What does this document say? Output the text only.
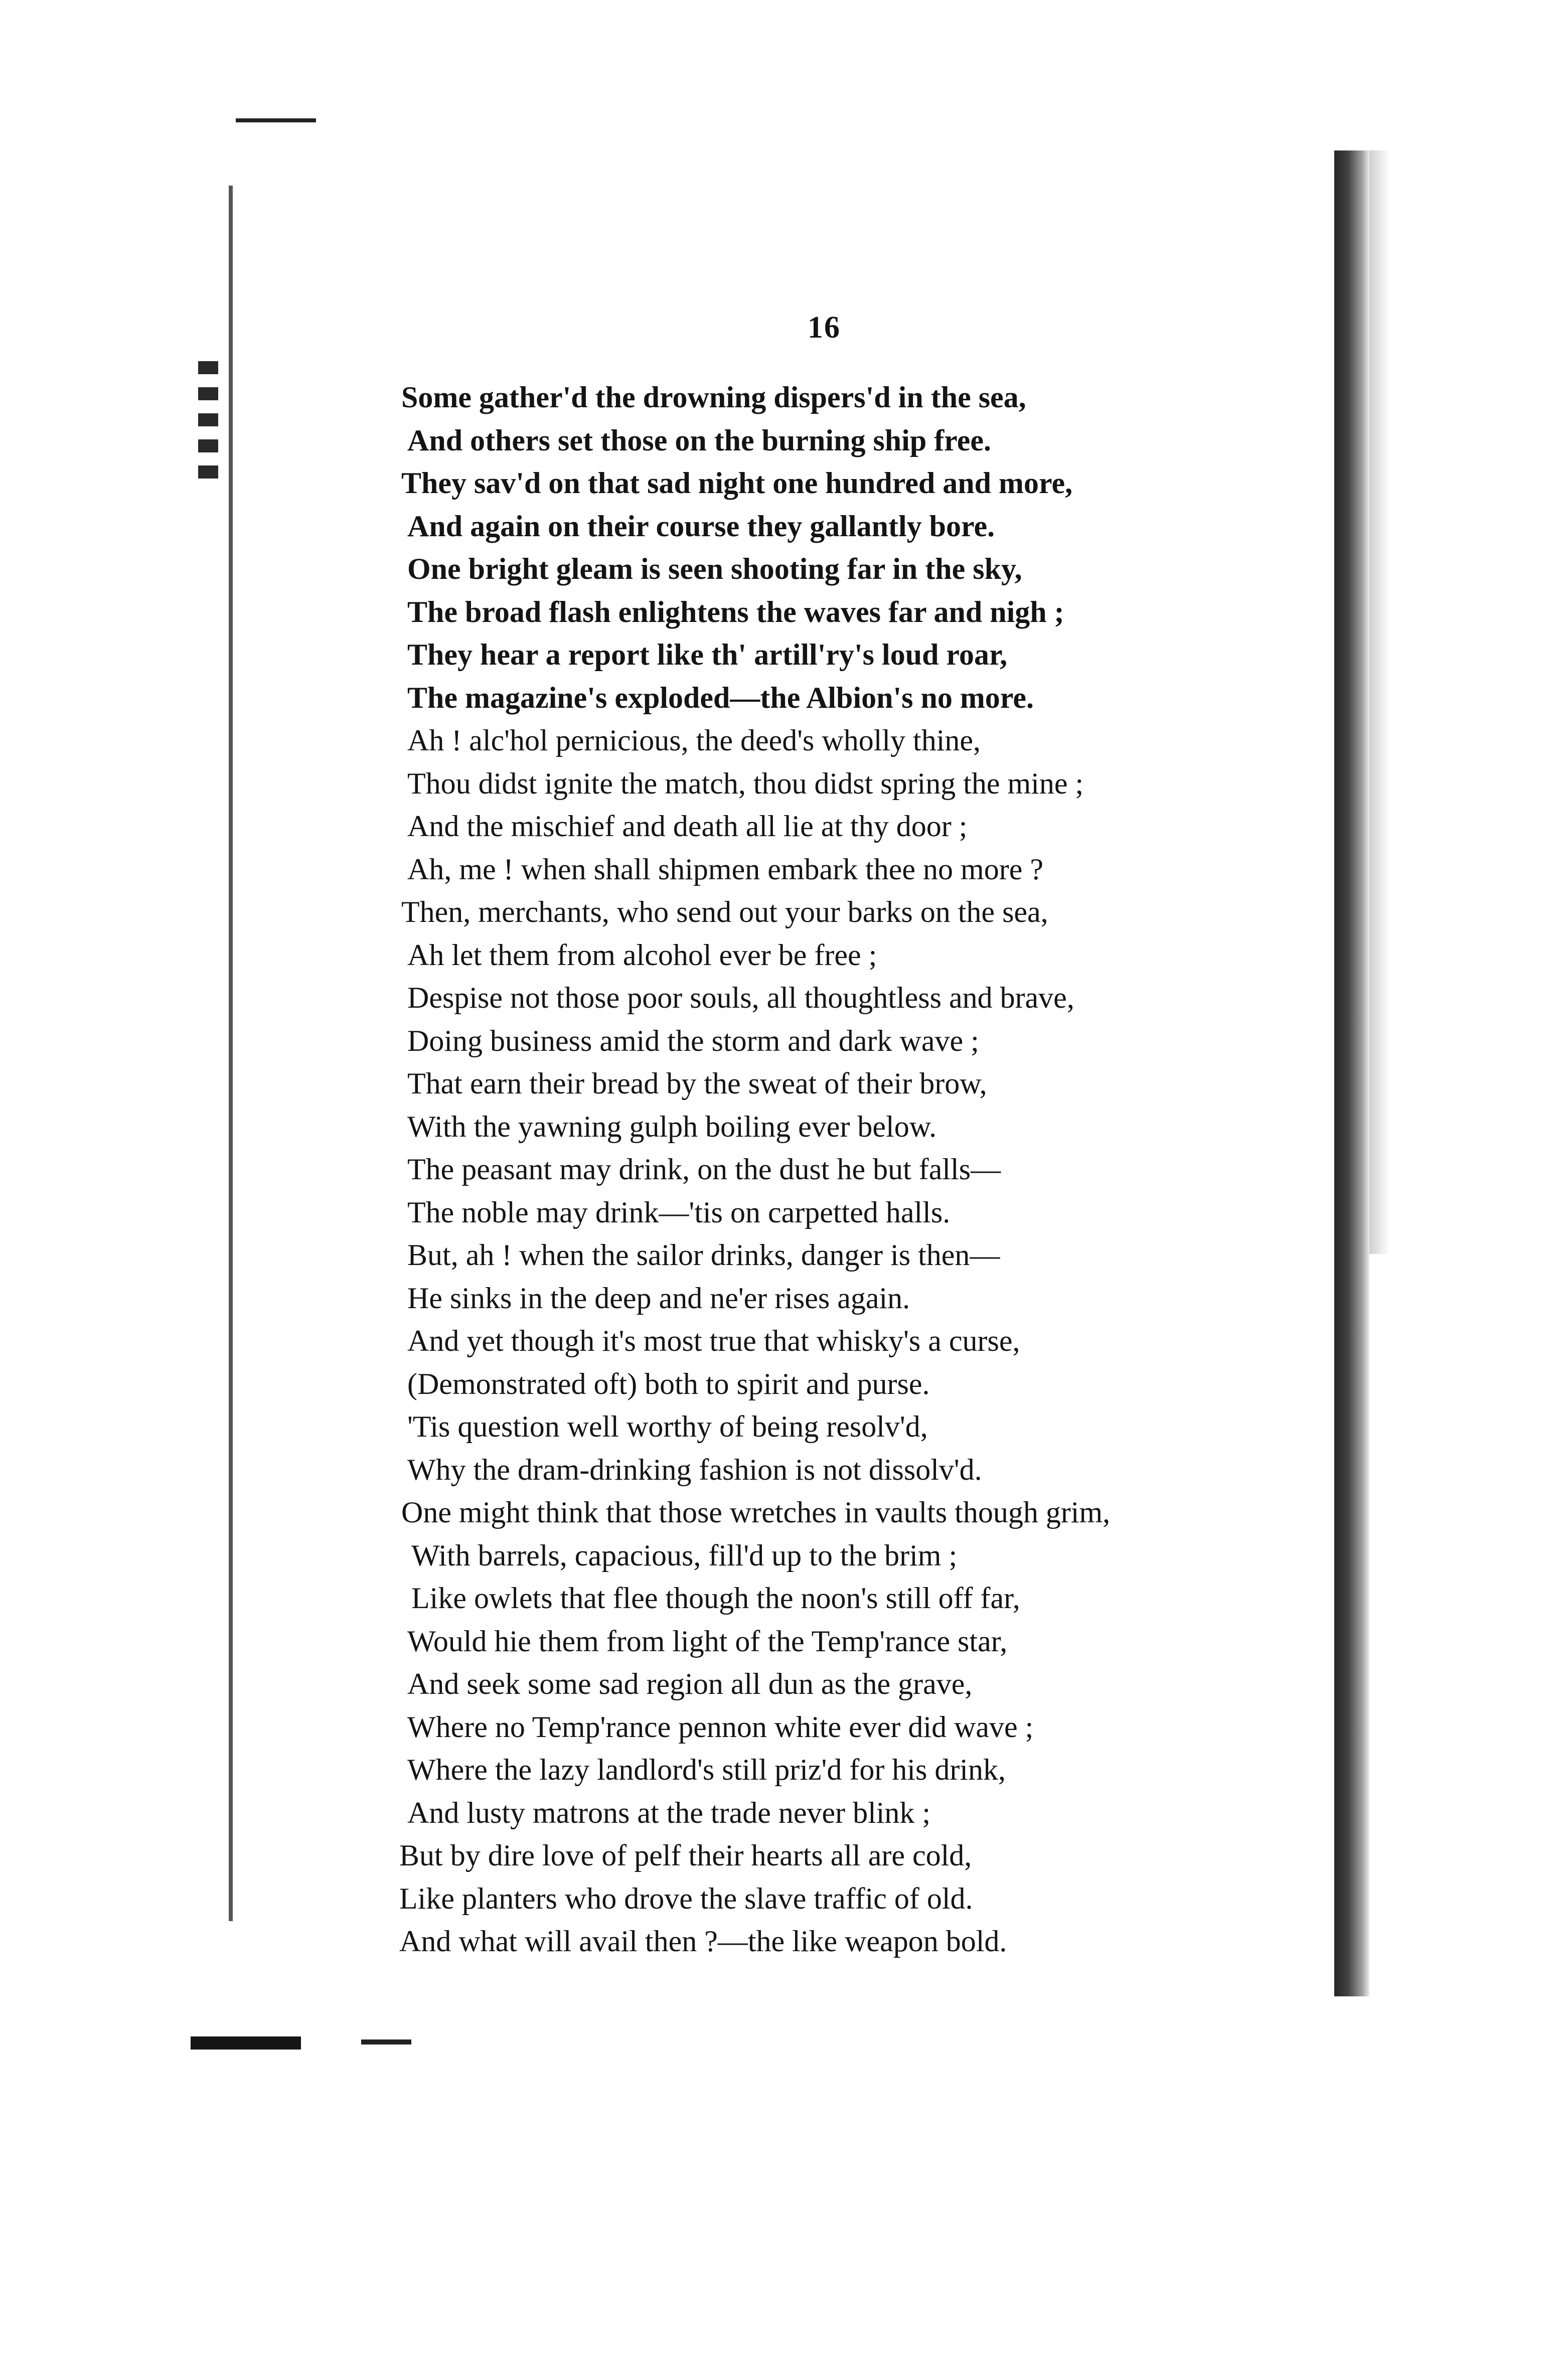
16
Some gather'd the drowning dispers'd in the sea,
And others set those on the burning ship free.
They sav'd on that sad night one hundred and more,
And again on their course they gallantly bore.
One bright gleam is seen shooting far in the sky,
The broad flash enlightens the waves far and nigh ;
They hear a report like th' artill'ry's loud roar,
The magazine's exploded—the Albion's no more.
Ah ! alc'hol pernicious, the deed's wholly thine,
Thou didst ignite the match, thou didst spring the mine ;
And the mischief and death all lie at thy door ;
Ah, me ! when shall shipmen embark thee no more ?
Then, merchants, who send out your barks on the sea,
Ah let them from alcohol ever be free ;
Despise not those poor souls, all thoughtless and brave,
Doing business amid the storm and dark wave ;
That earn their bread by the sweat of their brow,
With the yawning gulph boiling ever below.
The peasant may drink, on the dust he but falls—
The noble may drink—'tis on carpetted halls.
But, ah ! when the sailor drinks, danger is then—
He sinks in the deep and ne'er rises again.
And yet though it's most true that whisky's a curse,
(Demonstrated oft) both to spirit and purse.
'Tis question well worthy of being resolv'd,
Why the dram-drinking fashion is not dissolv'd.
One might think that those wretches in vaults though grim,
With barrels, capacious, fill'd up to the brim ;
Like owlets that flee though the noon's still off far,
Would hie them from light of the Temp'rance star,
And seek some sad region all dun as the grave,
Where no Temp'rance pennon white ever did wave ;
Where the lazy landlord's still priz'd for his drink,
And lusty matrons at the trade never blink ;
But by dire love of pelf their hearts all are cold,
Like planters who drove the slave traffic of old.
And what will avail then ?—the like weapon bold.
